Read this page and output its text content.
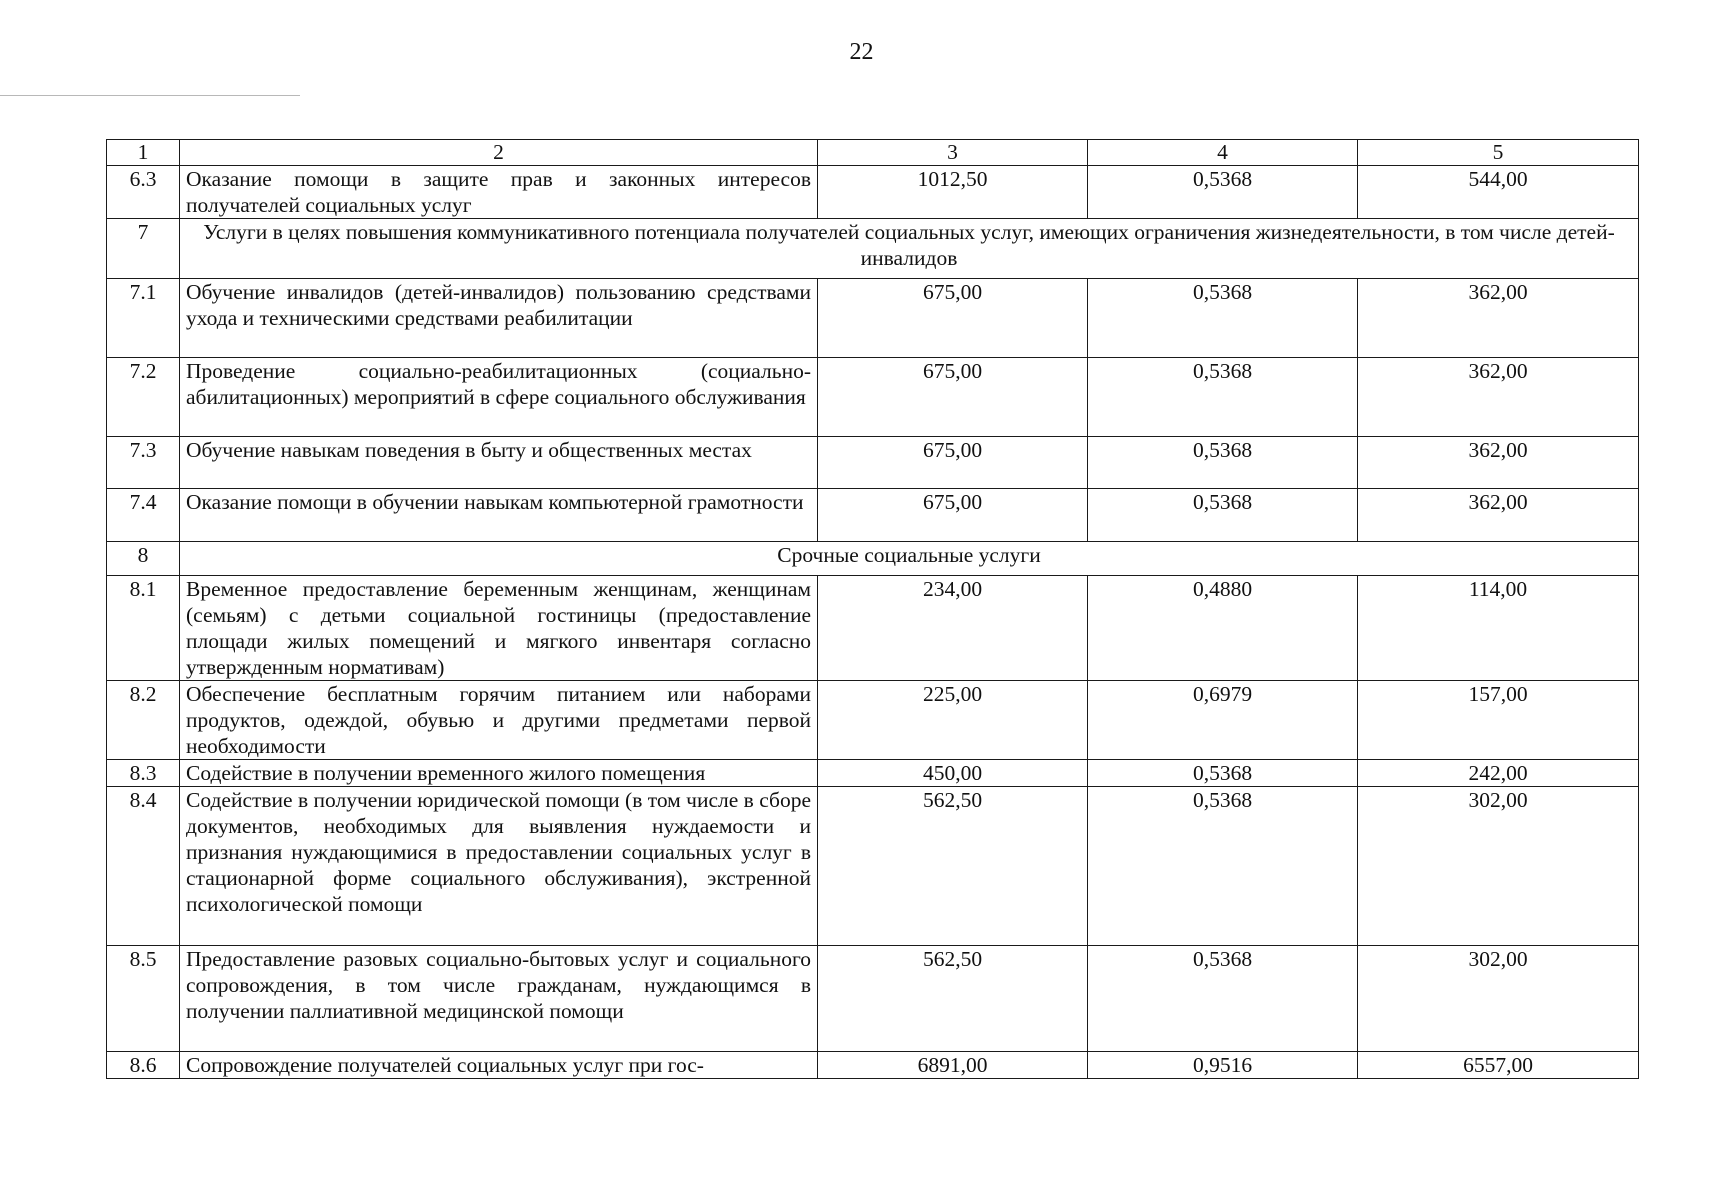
22
1	2	3	4	5
6.3	Оказание помощи в защите прав и законных интересов получателей социальных услуг	1012,50	0,5368	544,00
7	Услуги в целях повышения коммуникативного потенциала получателей социальных услуг, имеющих ограничения жизнедеятельности, в том числе детей-инвалидов			
7.1	Обучение инвалидов (детей-инвалидов) пользованию средствами ухода и техническими средствами реабилитации	675,00	0,5368	362,00
7.2	Проведение социально-реабилитационных (социально-абилитационных) мероприятий в сфере социального обслуживания	675,00	0,5368	362,00
7.3	Обучение навыкам поведения в быту и общественных местах	675,00	0,5368	362,00
7.4	Оказание помощи в обучении навыкам компьютерной грамотности	675,00	0,5368	362,00
8	Срочные социальные услуги			
8.1	Временное предоставление беременным женщинам, женщинам (семьям) с детьми социальной гостиницы (предоставление площади жилых помещений и мягкого инвентаря согласно утвержденным нормативам)	234,00	0,4880	114,00
8.2	Обеспечение бесплатным горячим питанием или наборами продуктов, одеждой, обувью и другими предметами первой необходимости	225,00	0,6979	157,00
8.3	Содействие в получении временного жилого помещения	450,00	0,5368	242,00
8.4	Содействие в получении юридической помощи (в том числе в сборе документов, необходимых для выявления нуждаемости и признания нуждающимися в предоставлении социальных услуг в стационарной форме социального обслуживания), экстренной психологической помощи	562,50	0,5368	302,00
8.5	Предоставление разовых социально-бытовых услуг и социального сопровождения, в том числе гражданам, нуждающимся в получении паллиативной медицинской помощи	562,50	0,5368	302,00
8.6	Сопровождение получателей социальных услуг при гос-	6891,00	0,9516	6557,00
